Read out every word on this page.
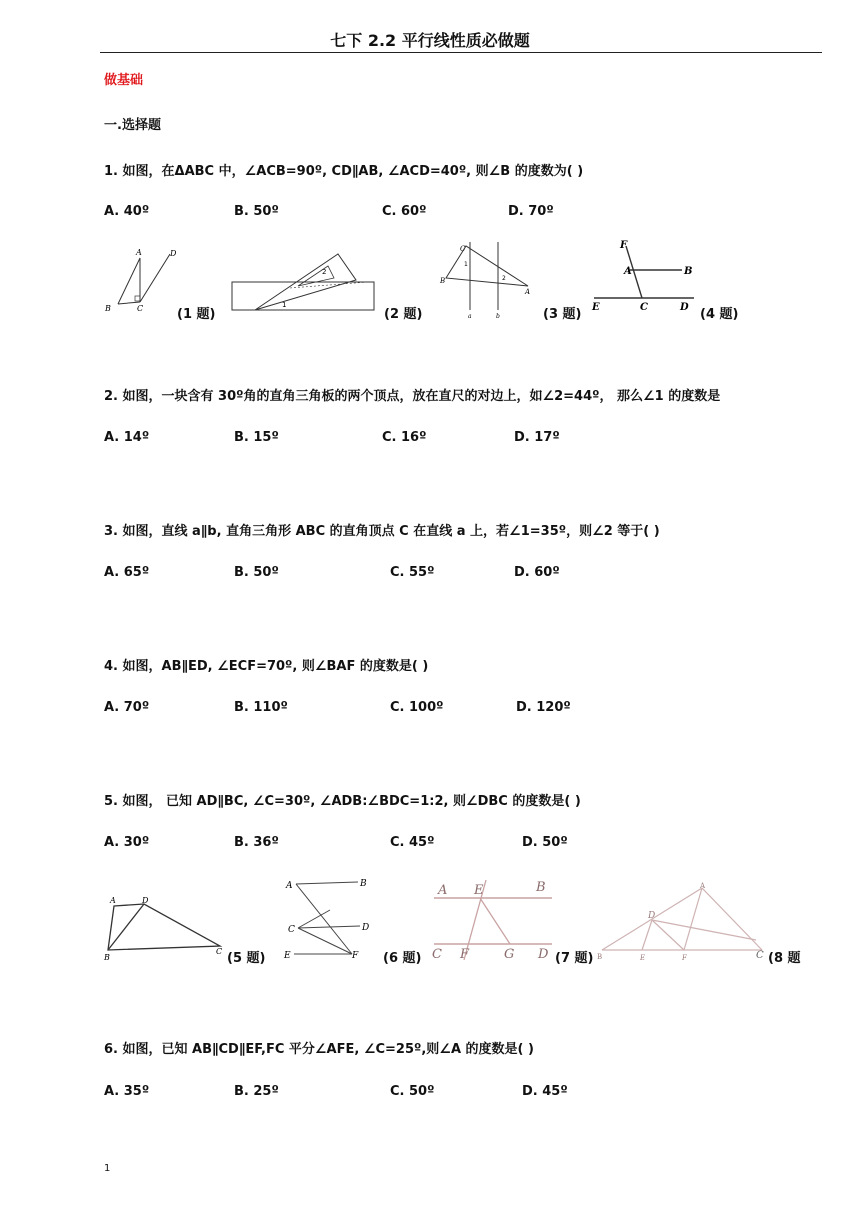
七下 2.2 平行线性质必做题
做基础
一.选择题
1. 如图，在ΔABC 中，∠ACB=90º, CD∥AB, ∠ACD=40º, 则∠B 的度数为( )
A. 40º	B. 50º	C. 60º	D. 70º
A	D
B	C	(1 题)
2
1
(2 题)
C
1
2
B
A
a	b	(3 题)
F
A	B
E	C	D (4 题)
2. 如图，一块含有 30º角的直角三角板的两个顶点，放在直尺的对边上，如∠2=44º， 那么∠1 的度数是
A. 14º	B. 15º	C. 16º	D. 17º
3. 如图，直线 a∥b, 直角三角形 ABC 的直角顶点 C 在直线 a 上，若∠1=35º，则∠2 等于( )
A. 65º	B. 50º	C. 55º	D. 60º
4. 如图，AB∥ED, ∠ECF=70º, 则∠BAF 的度数是( )
A. 70º	B. 110º	C. 100º	D. 120º
5. 如图， 已知 AD∥BC, ∠C=30º, ∠ADB:∠BDC=1:2, 则∠DBC 的度数是( )
A. 30º	B. 36º	C. 45º	D. 50º
A	D
B
C (5 题)
A	B
C	D
E	F (6 题)
A E	B
C F	G D (7 题)
A
D
B	E	F	C (8 题
6. 如图，已知 AB∥CD∥EF,FC 平分∠AFE, ∠C=25º,则∠A 的度数是( )
A. 35º	B. 25º	C. 50º	D. 45º
1
